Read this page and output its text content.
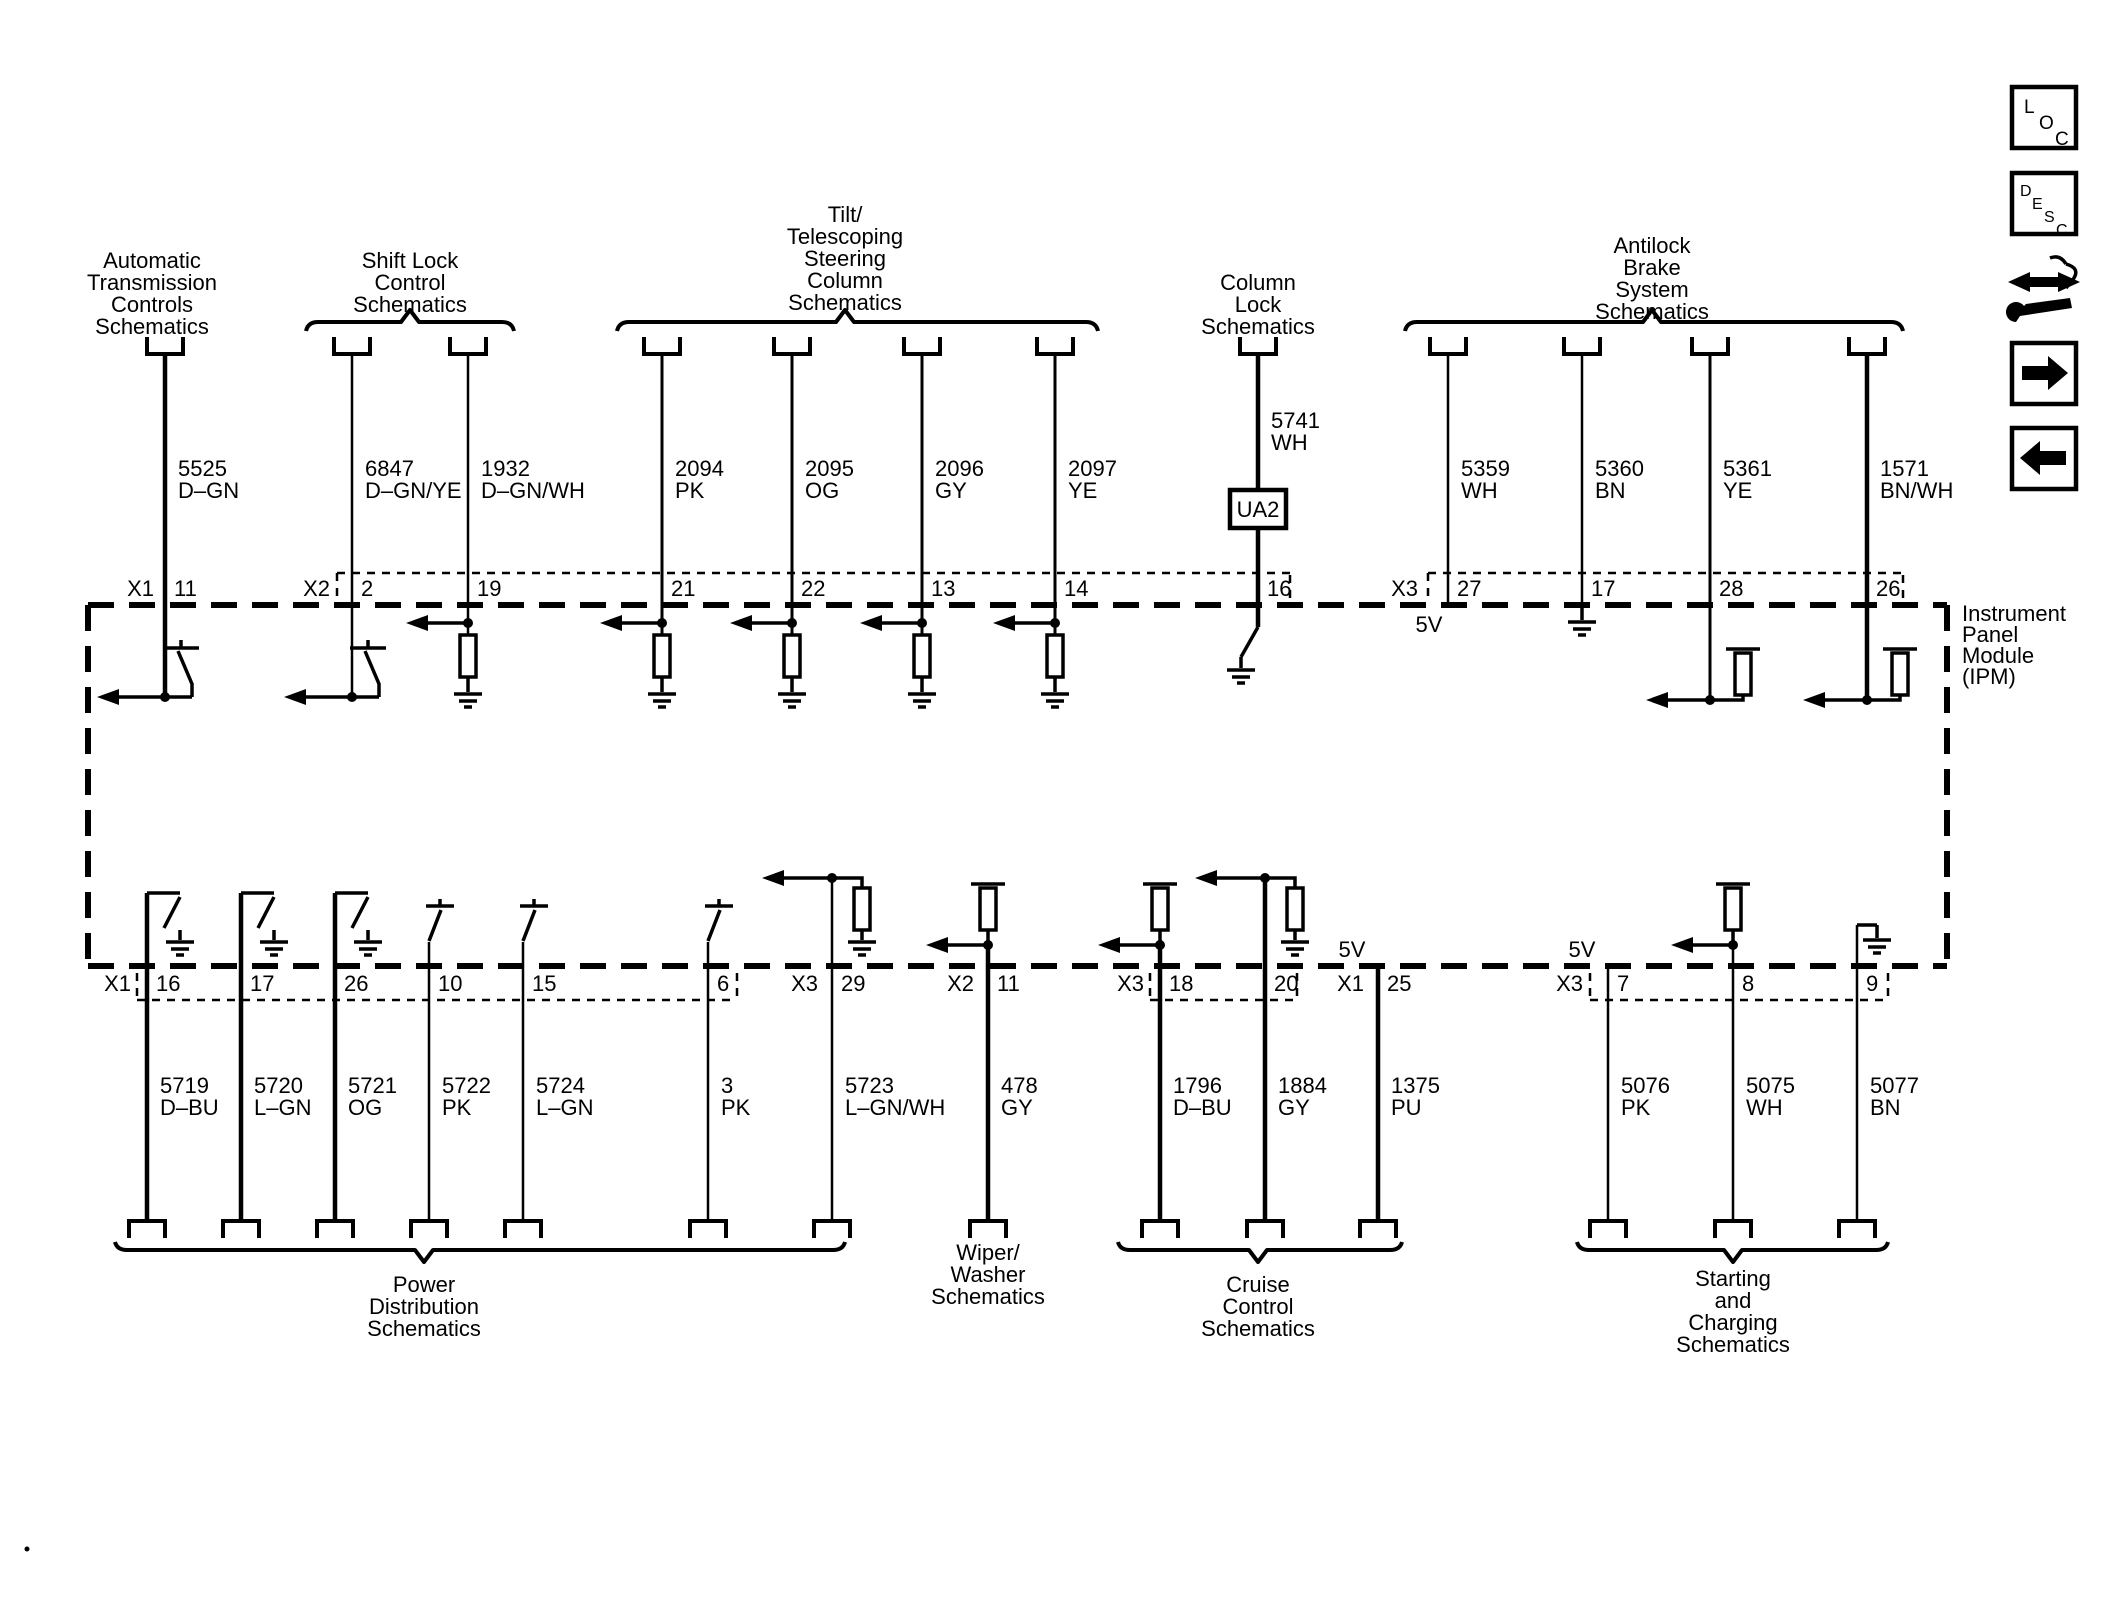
Instrument
Panel
Module
(IPM)
Automatic
Transmission
Controls
Schematics
Shift Lock
Control
Schematics
Tilt/
Telescoping
Steering
Column
Schematics
Column
Lock
Schematics
Antilock
Brake
System
Schematics
X1 11
5525
D–GN
X2 2
6847
D–GN/YE
19
1932
D–GN/WH
21
2094
PK
22
2095
OG
13
2096
GY
14
2097
YE
16
5741
WH
UA2
X3 27
5359
WH
5V
17
5360
BN
28
5361
YE
26
1571
BN/WH
X1 16
5719
D–BU
17
5720
L–GN
26
5721
OG
10
5722
PK
15
5724
L–GN
6
3
PK
X3 29
5723
L–GN/WH
X2 11
478
GY
X3 18
1796
D–BU
20
1884
GY
5V
X1 25
1375
PU
5V
X3 7
5076
PK
8
5075
WH
9
5077
BN
Power
Distribution
Schematics
Wiper/
Washer
Schematics	Cruise
Control
Schematics
Starting
and
Charging
Schematics
L
O
C
D
E
S
C
